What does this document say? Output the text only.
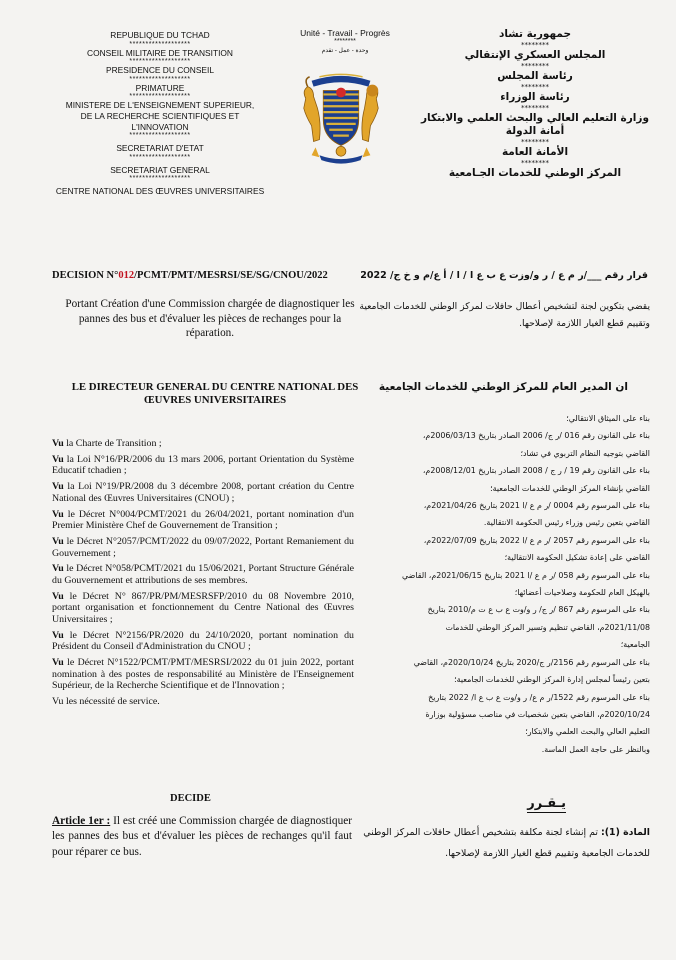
REPUBLIQUE DU TCHAD
*******************
CONSEIL MILITAIRE DE TRANSITION
*******************
PRESIDENCE DU CONSEIL
*******************
PRIMATURE
*******************
MINISTERE DE L'ENSEIGNEMENT SUPERIEUR,
DE LA RECHERCHE SCIENTIFIQUES ET
L'INNOVATION
*******************
SECRETARIAT D'ETAT
*******************
SECRETARIAT GENERAL
*******************
CENTRE NATIONAL DES ŒUVRES UNIVERSITAIRES
Unité - Travail - Progrès
********
وحدة - عمل - تقدم
جمهورية تشاد
********
المجلس العسكري الإنتقالي
********
رئاسة المجلس
********
رئاسة الوزراء
********
وزارة التعليم العالي والبحث العلمي والابتكار
أمانة الدولة
********
الأمانة العامة
********
المركز الوطني للخدمات الجـامعية
DECISION N°012/PCMT/PMT/MESRSI/SE/SG/CNOU/2022
Portant Création d'une Commission chargée de diagnostiquer les pannes des bus et d'évaluer les pièces de rechanges pour la réparation.
قرار رقم ___/ر م ع / ر و/وزت ع ب ع ا / ا / أ ع/م و خ ج/ 2022
يقضي بتكوين لجنة لتشخيص أعطال حافلات لمركز الوطني للخدمات الجامعية وتقييم قطع الغيار اللازمة لإصلاحها.
LE DIRECTEUR GENERAL DU CENTRE NATIONAL DES ŒUVRES UNIVERSITAIRES
ان المدير العام للمركز الوطني للخدمات الجامعية

Vu la Charte de Transition ;

Vu la Loi N°16/PR/2006 du 13 mars 2006, portant Orientation du Système Educatif tchadien ;

Vu la Loi N°19/PR/2008 du 3 décembre 2008, portant création du Centre National des Œuvres Universitaires (CNOU) ;

Vu le Décret N°004/PCMT/2021 du 26/04/2021, portant nomination d'un Premier Ministère Chef de Gouvernement de Transition ;

Vu le Décret N°2057/PCMT/2022 du 09/07/2022, Portant Remaniement du Gouvernement ;

Vu le Décret N°058/PCMT/2021 du 15/06/2021, Portant Structure Générale du Gouvernement et attributions de ses membres.

Vu le Décret N° 867/PR/PM/MESRSFP/2010 du 08 Novembre 2010, portant organisation et fonctionnement du Centre National des Œuvres Universitaires ;

Vu le Décret N°2156/PR/2020 du 24/10/2020, portant nomination du Président du Conseil d'Administration du CNOU ;

Vu le Décret N°1522/PCMT/PMT/MESRSI/2022 du 01 juin 2022, portant nomination à des postes de responsabilité au Ministère de l'Enseignement Supérieur, de la Recherche Scientifique et de l'Innovation ;

Vu les nécessité de service.

بناء على الميثاق الانتقالي؛

بناء على القانون رقم 016 /ر ج/ 2006 الصادر بتاريخ 2006/03/13م،

القاضي بتوجيه النظام التربوي في تشاد؛

بناء على القانون رقم 19 / ر ج / 2008 الصادر بتاريخ 2008/12/01م،

القاضي بإنشاء المركز الوطني للخدمات الجامعية؛

بناء على المرسوم رقم 0004 /ر م ع /ا 2021 بتاريخ 2021/04/26م،

القاضي بتعين رئيس وزراء رئيس الحكومة الانتقالية.

بناء على المرسوم رقم 2057 /ر م ع /ا 2022 بتاريخ 2022/07/09م،

القاضي على إعادة تشكيل الحكومة الانتقالية؛

بناء على المرسوم رقم 058 /ر م ع /ا 2021 بتاريخ 2021/06/15م، القاضي

بالهيكل العام للحكومة وصلاحيات أعضائها؛

بناء على المرسوم رقم 867 /ر ج/ ر و/وت ع ب ع ت م/2010 بتاريخ

2021/11/08م، القاضي تنظيم وتسير المركز الوطني للخدمات

الجامعية؛

بناء على المرسوم رقم 2156/ر ج/2020 بتاريخ 2020/10/24م، القاضي

بتعين رئيساً لمجلس إدارة المركز الوطني للخدمات الجامعية؛

بناء على المرسوم رقم 1522/ر م ع/ ر و/وت ع ب ع ا/ 2022 بتاريخ

2020/10/24م، القاضي بتعين شخصيات في مناصب مسؤولية بوزارة

التعليم العالي والبحث العلمي والابتكار؛

وبالنظر على حاجة العمل الماسة.

DECIDE
Article 1er : Il est créé une Commission chargée de diagnostiquer les pannes des bus et d'évaluer les pièces de rechanges qu'il faut pour réparer ce bus.
يـقـرر
المادة (1): تم إنشاء لجنة مكلفة بتشخيص أعطال حافلات المركز الوطني للخدمات الجامعية وتقييم قطع الغيار اللازمة لإصلاحها.
